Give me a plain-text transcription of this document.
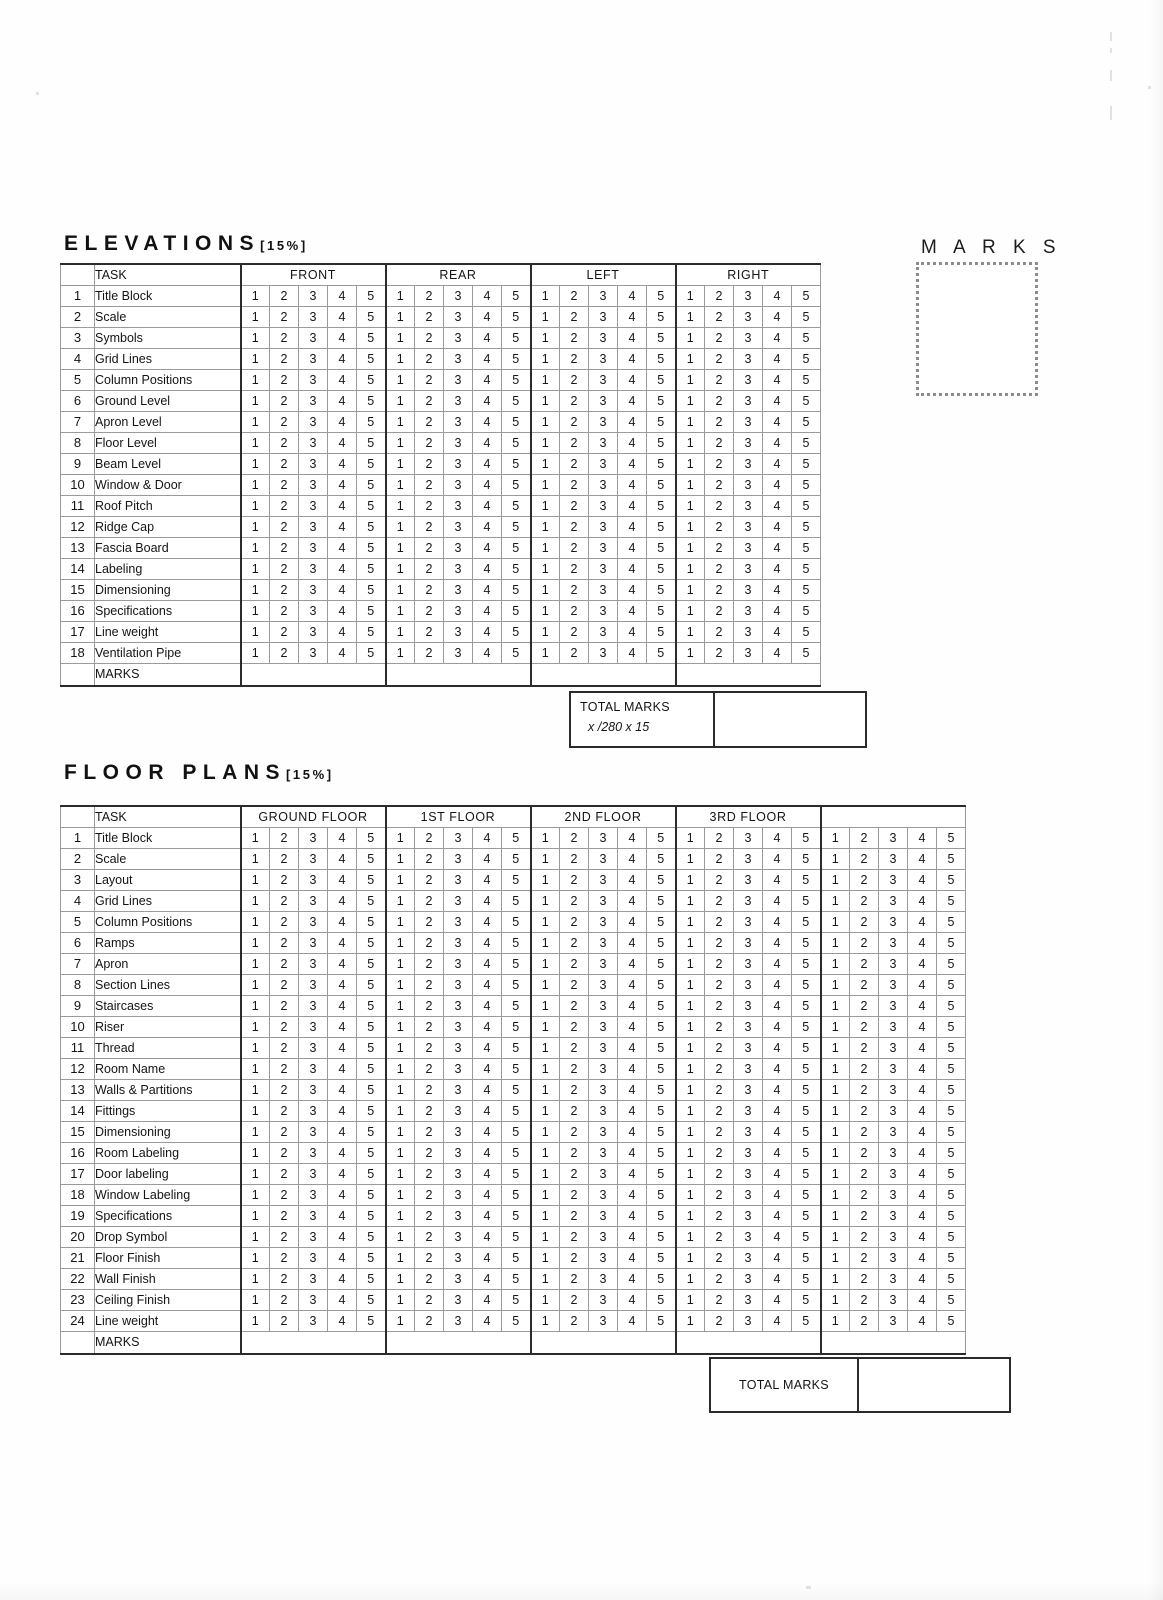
M A R K S
ELEVATIONS[15%]
	TASK	FRONT					REAR					LEFT					RIGHT				
1	Title Block	1	2	3	4	5	1	2	3	4	5	1	2	3	4	5	1	2	3	4	5
2	Scale	1	2	3	4	5	1	2	3	4	5	1	2	3	4	5	1	2	3	4	5
3	Symbols	1	2	3	4	5	1	2	3	4	5	1	2	3	4	5	1	2	3	4	5
4	Grid Lines	1	2	3	4	5	1	2	3	4	5	1	2	3	4	5	1	2	3	4	5
5	Column Positions	1	2	3	4	5	1	2	3	4	5	1	2	3	4	5	1	2	3	4	5
6	Ground Level	1	2	3	4	5	1	2	3	4	5	1	2	3	4	5	1	2	3	4	5
7	Apron Level	1	2	3	4	5	1	2	3	4	5	1	2	3	4	5	1	2	3	4	5
8	Floor Level	1	2	3	4	5	1	2	3	4	5	1	2	3	4	5	1	2	3	4	5
9	Beam Level	1	2	3	4	5	1	2	3	4	5	1	2	3	4	5	1	2	3	4	5
10	Window & Door	1	2	3	4	5	1	2	3	4	5	1	2	3	4	5	1	2	3	4	5
11	Roof Pitch	1	2	3	4	5	1	2	3	4	5	1	2	3	4	5	1	2	3	4	5
12	Ridge Cap	1	2	3	4	5	1	2	3	4	5	1	2	3	4	5	1	2	3	4	5
13	Fascia Board	1	2	3	4	5	1	2	3	4	5	1	2	3	4	5	1	2	3	4	5
14	Labeling	1	2	3	4	5	1	2	3	4	5	1	2	3	4	5	1	2	3	4	5
15	Dimensioning	1	2	3	4	5	1	2	3	4	5	1	2	3	4	5	1	2	3	4	5
16	Specifications	1	2	3	4	5	1	2	3	4	5	1	2	3	4	5	1	2	3	4	5
17	Line weight	1	2	3	4	5	1	2	3	4	5	1	2	3	4	5	1	2	3	4	5
18	Ventilation Pipe	1	2	3	4	5	1	2	3	4	5	1	2	3	4	5	1	2	3	4	5
	MARKS																				
TOTAL MARKS
x /280 x 15
FLOOR PLANS[15%]
	TASK	GROUND FLOOR					1ST FLOOR					2ND FLOOR					3RD FLOOR									
1	Title Block	1	2	3	4	5	1	2	3	4	5	1	2	3	4	5	1	2	3	4	5	1	2	3	4	5
2	Scale	1	2	3	4	5	1	2	3	4	5	1	2	3	4	5	1	2	3	4	5	1	2	3	4	5
3	Layout	1	2	3	4	5	1	2	3	4	5	1	2	3	4	5	1	2	3	4	5	1	2	3	4	5
4	Grid Lines	1	2	3	4	5	1	2	3	4	5	1	2	3	4	5	1	2	3	4	5	1	2	3	4	5
5	Column Positions	1	2	3	4	5	1	2	3	4	5	1	2	3	4	5	1	2	3	4	5	1	2	3	4	5
6	Ramps	1	2	3	4	5	1	2	3	4	5	1	2	3	4	5	1	2	3	4	5	1	2	3	4	5
7	Apron	1	2	3	4	5	1	2	3	4	5	1	2	3	4	5	1	2	3	4	5	1	2	3	4	5
8	Section Lines	1	2	3	4	5	1	2	3	4	5	1	2	3	4	5	1	2	3	4	5	1	2	3	4	5
9	Staircases	1	2	3	4	5	1	2	3	4	5	1	2	3	4	5	1	2	3	4	5	1	2	3	4	5
10	Riser	1	2	3	4	5	1	2	3	4	5	1	2	3	4	5	1	2	3	4	5	1	2	3	4	5
11	Thread	1	2	3	4	5	1	2	3	4	5	1	2	3	4	5	1	2	3	4	5	1	2	3	4	5
12	Room Name	1	2	3	4	5	1	2	3	4	5	1	2	3	4	5	1	2	3	4	5	1	2	3	4	5
13	Walls & Partitions	1	2	3	4	5	1	2	3	4	5	1	2	3	4	5	1	2	3	4	5	1	2	3	4	5
14	Fittings	1	2	3	4	5	1	2	3	4	5	1	2	3	4	5	1	2	3	4	5	1	2	3	4	5
15	Dimensioning	1	2	3	4	5	1	2	3	4	5	1	2	3	4	5	1	2	3	4	5	1	2	3	4	5
16	Room Labeling	1	2	3	4	5	1	2	3	4	5	1	2	3	4	5	1	2	3	4	5	1	2	3	4	5
17	Door labeling	1	2	3	4	5	1	2	3	4	5	1	2	3	4	5	1	2	3	4	5	1	2	3	4	5
18	Window Labeling	1	2	3	4	5	1	2	3	4	5	1	2	3	4	5	1	2	3	4	5	1	2	3	4	5
19	Specifications	1	2	3	4	5	1	2	3	4	5	1	2	3	4	5	1	2	3	4	5	1	2	3	4	5
20	Drop Symbol	1	2	3	4	5	1	2	3	4	5	1	2	3	4	5	1	2	3	4	5	1	2	3	4	5
21	Floor Finish	1	2	3	4	5	1	2	3	4	5	1	2	3	4	5	1	2	3	4	5	1	2	3	4	5
22	Wall Finish	1	2	3	4	5	1	2	3	4	5	1	2	3	4	5	1	2	3	4	5	1	2	3	4	5
23	Ceiling Finish	1	2	3	4	5	1	2	3	4	5	1	2	3	4	5	1	2	3	4	5	1	2	3	4	5
24	Line weight	1	2	3	4	5	1	2	3	4	5	1	2	3	4	5	1	2	3	4	5	1	2	3	4	5
	MARKS																									
TOTAL MARKS
